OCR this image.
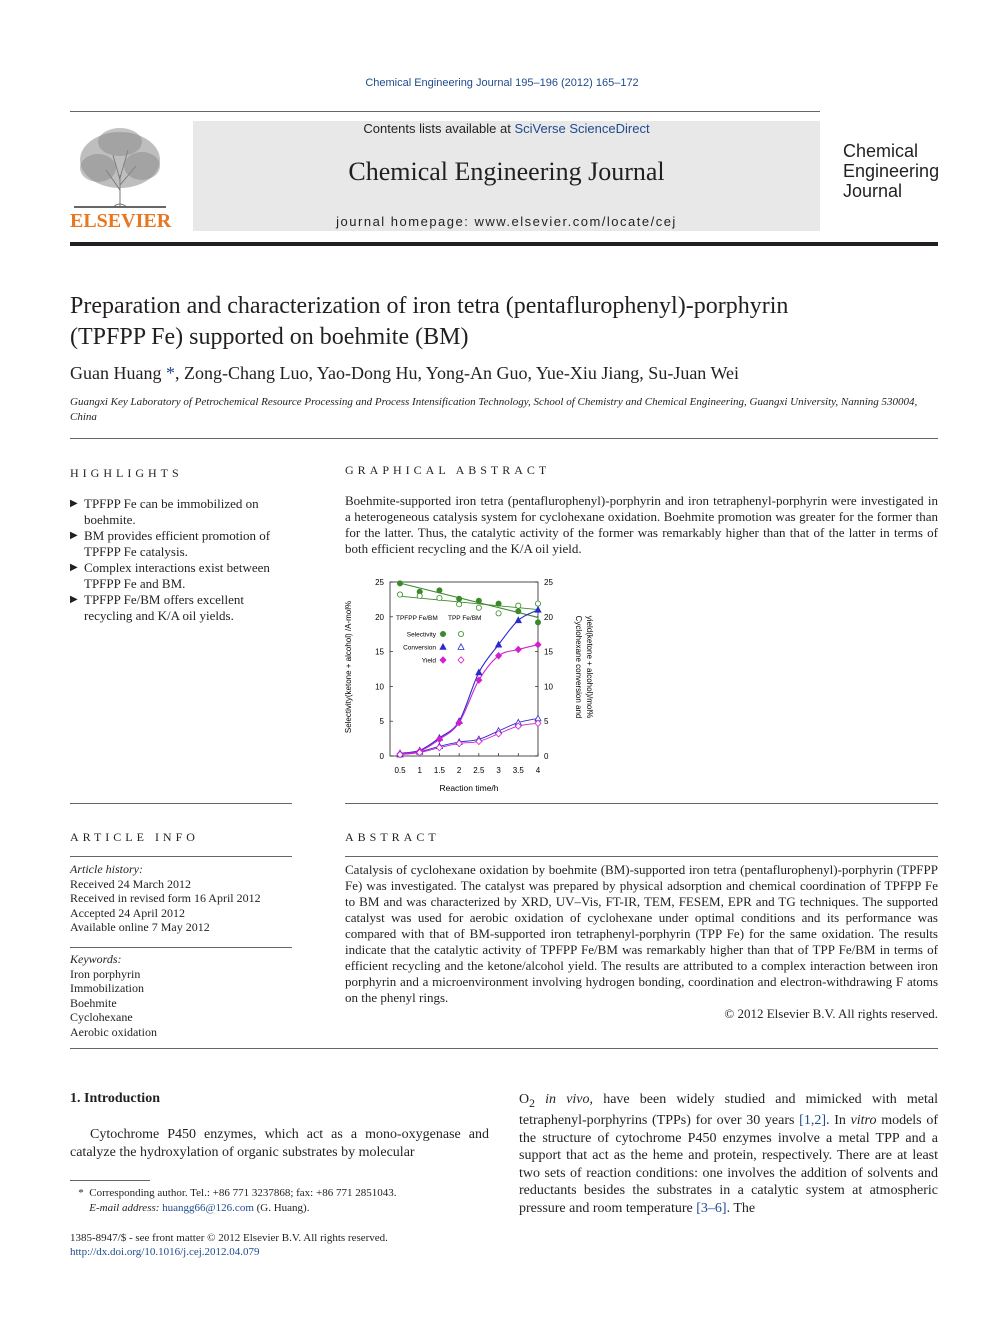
Chemical Engineering Journal 195–196 (2012) 165–172
ELSEVIER
Contents lists available at SciVerse ScienceDirect
Chemical Engineering Journal
journal homepage: www.elsevier.com/locate/cej
Chemical
Engineering
Journal
Preparation and characterization of iron tetra (pentaflurophenyl)-porphyrin
(TPFPP Fe) supported on boehmite (BM)
Guan Huang *, Zong-Chang Luo, Yao-Dong Hu, Yong-An Guo, Yue-Xiu Jiang, Su-Juan Wei
Guangxi Key Laboratory of Petrochemical Resource Processing and Process Intensification Technology, School of Chemistry and Chemical Engineering, Guangxi University, Nanning 530004, China
HIGHLIGHTS
▶ TPFPP Fe can be immobilized on boehmite.
▶ BM provides efficient promotion of TPFPP Fe catalysis.
▶ Complex interactions exist between TPFPP Fe and BM.
▶ TPFPP Fe/BM offers excellent recycling and K/A oil yields.
GRAPHICAL ABSTRACT
Boehmite-supported iron tetra (pentaflurophenyl)-porphyrin and iron tetraphenyl-porphyrin were investigated in a heterogeneous catalysis system for cyclohexane oxidation. Boehmite promotion was greater for the former than for the latter. Thus, the catalytic activity of the former was remarkably higher than that of the latter in terms of both efficient recycling and the K/A oil yield.
0	0
5	5
10	10
15	15
20	20
25	25
0.5 1 1.5 2 2.5 3 3.5 4
TPFPP Fe/BM TPP Fe/BM
Selectivity
Conversion
Yield
Reaction time/h
Selectivity(ketone + alcohol) /A-mol%	Cyclohexane conversion and yield(ketone + alcohol)/mol%
ARTICLE INFO
Article history:
Received 24 March 2012
Received in revised form 16 April 2012
Accepted 24 April 2012
Available online 7 May 2012
Keywords:
Iron porphyrin
Immobilization
Boehmite
Cyclohexane
Aerobic oxidation
ABSTRACT
Catalysis of cyclohexane oxidation by boehmite (BM)-supported iron tetra (pentaflurophenyl)-porphyrin (TPFPP Fe) was investigated. The catalyst was prepared by physical adsorption and chemical coordination of TPFPP Fe to BM and was characterized by XRD, UV–Vis, FT-IR, TEM, FESEM, EPR and TG techniques. The supported catalyst was used for aerobic oxidation of cyclohexane under optimal conditions and its performance was compared with that of BM-supported iron tetraphenyl-porphyrin (TPP Fe) for the same oxidation. The results indicate that the catalytic activity of TPFPP Fe/BM was remarkably higher than that of TPP Fe/BM in terms of efficient recycling and the ketone/alcohol yield. The results are attributed to a complex interaction between iron porphyrin and a microenvironment involving hydrogen bonding, coordination and electron-withdrawing F atoms on the phenyl rings.
© 2012 Elsevier B.V. All rights reserved.
1. Introduction
Cytochrome P450 enzymes, which act as a mono-oxygenase and catalyze the hydroxylation of organic substrates by molecular
$O_2$ in vivo, have been widely studied and mimicked with metal tetraphenyl-porphyrins (TPPs) for over 30 years [1,2]. In vitro models of the structure of cytochrome P450 enzymes involve a metal TPP and a support that act as the heme and protein, respectively. There are at least two sets of reaction conditions: one involves the addition of solvents and reductants besides the substrates in a catalytic system at atmospheric pressure and room temperature [3–6]. The
* Corresponding author. Tel.: +86 771 3237868; fax: +86 771 2851043.
E-mail address: huangg66@126.com (G. Huang).
1385-8947/$ - see front matter © 2012 Elsevier B.V. All rights reserved.
http://dx.doi.org/10.1016/j.cej.2012.04.079
